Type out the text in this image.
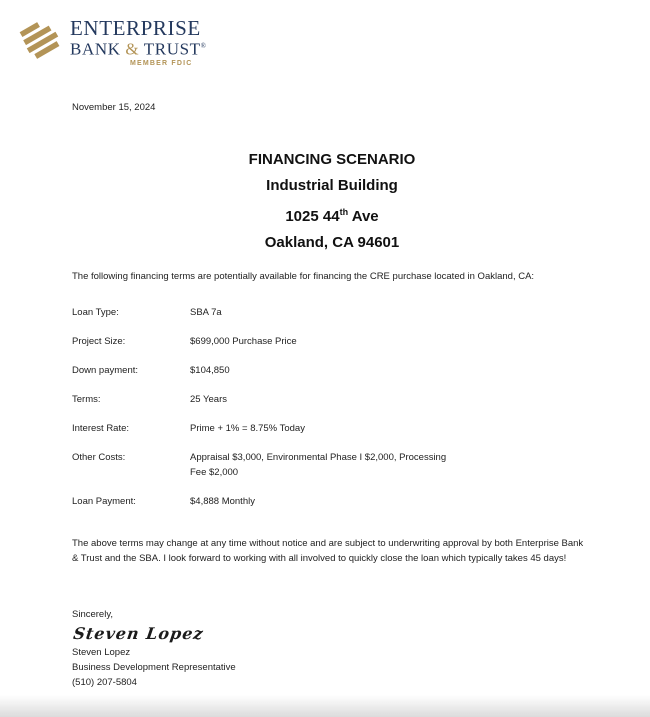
ENTERPRISE
BANK & TRUST®
MEMBER FDIC
November 15, 2024
FINANCING SCENARIO
Industrial Building
1025 44th Ave
Oakland, CA 94601

The following financing terms are potentially available for financing the CRE purchase located in Oakland, CA:

Loan Type:	SBA 7a
Project Size:	$699,000 Purchase Price
Down payment:	$104,850
Terms:	25 Years
Interest Rate:	Prime + 1% = 8.75% Today
Other Costs:	Appraisal $3,000, Environmental Phase I $2,000, Processing
Fee $2,000
Loan Payment:	$4,888 Monthly

The above terms may change at any time without notice and are subject to underwriting approval by both Enterprise Bank & Trust and the SBA. I look forward to working with all involved to quickly close the loan which typically takes 45 days!

Sincerely,
Steven Lopez
Steven Lopez
Business Development Representative
(510) 207-5804
